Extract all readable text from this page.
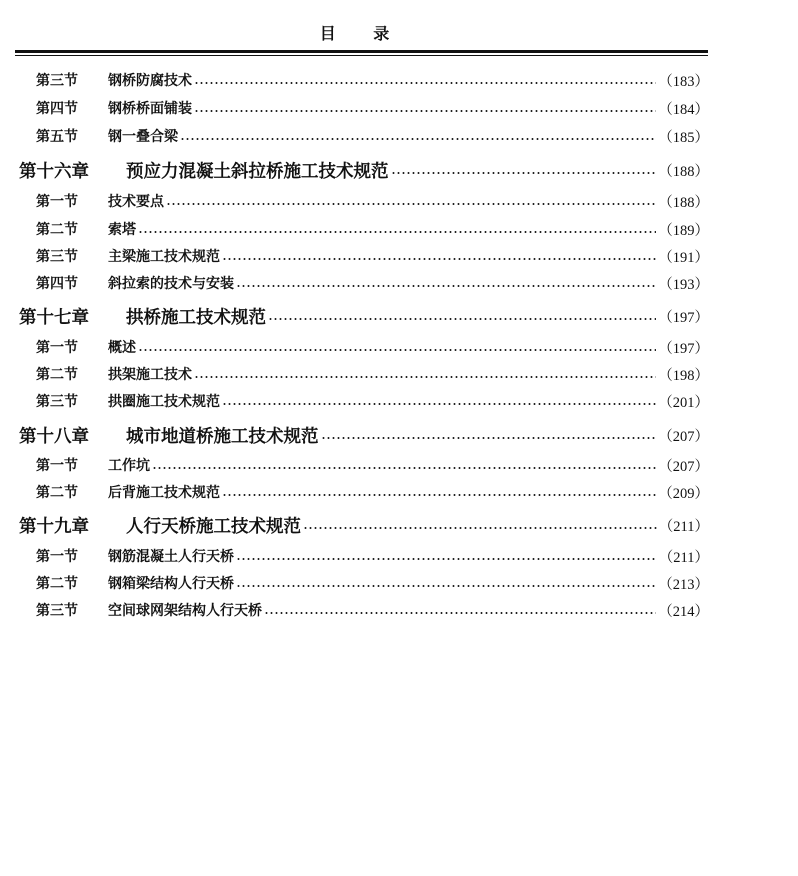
目 录
第三节	钢桥防腐技术	（183）
第四节	钢桥桥面铺装	（184）
第五节	钢一叠合梁	（185）
第十六章	预应力混凝土斜拉桥施工技术规范	（188）
第一节	技术要点	（188）
第二节	索塔	（189）
第三节	主梁施工技术规范	（191）
第四节	斜拉索的技术与安装	（193）
第十七章	拱桥施工技术规范	（197）
第一节	概述	（197）
第二节	拱架施工技术	（198）
第三节	拱圈施工技术规范	（201）
第十八章	城市地道桥施工技术规范	（207）
第一节	工作坑	（207）
第二节	后背施工技术规范	（209）
第十九章	人行天桥施工技术规范	（211）
第一节	钢筋混凝土人行天桥	（211）
第二节	钢箱梁结构人行天桥	（213）
第三节	空间球网架结构人行天桥	（214）
